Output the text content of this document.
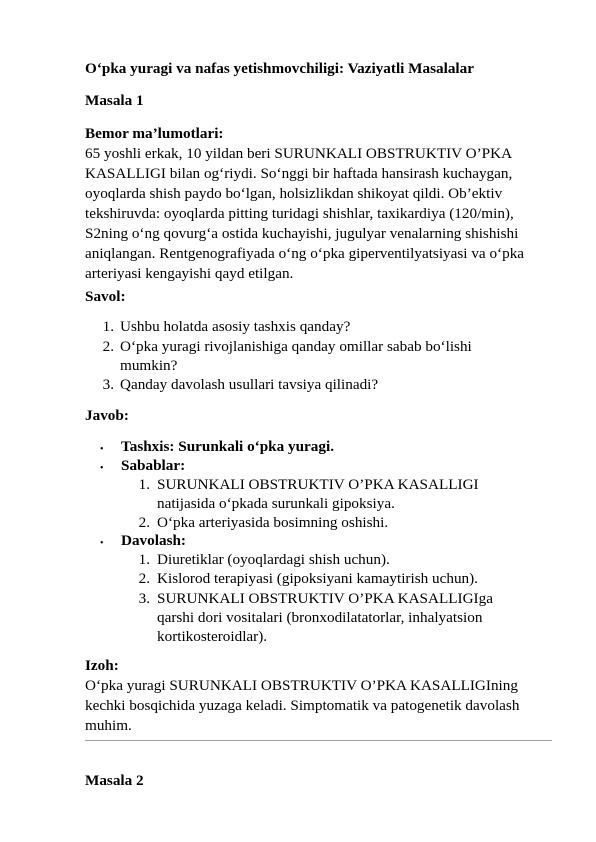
O‘pka yuragi va nafas yetishmovchiligi: Vaziyatli Masalalar
Masala 1
Bemor ma’lumotlari:
65 yoshli erkak, 10 yildan beri SURUNKALI OBSTRUKTIV O’PKA
KASALLIGI bilan og‘riydi. So‘nggi bir haftada hansirash kuchaygan,
oyoqlarda shish paydo bo‘lgan, holsizlikdan shikoyat qildi. Ob’ektiv
tekshiruvda: oyoqlarda pitting turidagi shishlar, taxikardiya (120/min),
S2ning o‘ng qovurg‘a ostida kuchayishi, jugulyar venalarning shishishi
aniqlangan. Rentgenografiyada o‘ng o‘pka giperventilyatsiyasi va o‘pka
arteriyasi kengayishi qayd etilgan.
Savol:
1. Ushbu holatda asosiy tashxis qanday?
2. O‘pka yuragi rivojlanishiga qanday omillar sabab bo‘lishi
mumkin?
3. Qanday davolash usullari tavsiya qilinadi?
Javob:
• Tashxis: Surunkali o‘pka yuragi.
• Sabablar:
1. SURUNKALI OBSTRUKTIV O’PKA KASALLIGI
natijasida o‘pkada surunkali gipoksiya.
2. O‘pka arteriyasida bosimning oshishi.
• Davolash:
1. Diuretiklar (oyoqlardagi shish uchun).
2. Kislorod terapiyasi (gipoksiyani kamaytirish uchun).
3. SURUNKALI OBSTRUKTIV O’PKA KASALLIGIga
qarshi dori vositalari (bronxodilatatorlar, inhalyatsion
kortikosteroidlar).
Izoh:
O‘pka yuragi SURUNKALI OBSTRUKTIV O’PKA KASALLIGIning
kechki bosqichida yuzaga keladi. Simptomatik va patogenetik davolash
muhim.
Masala 2
